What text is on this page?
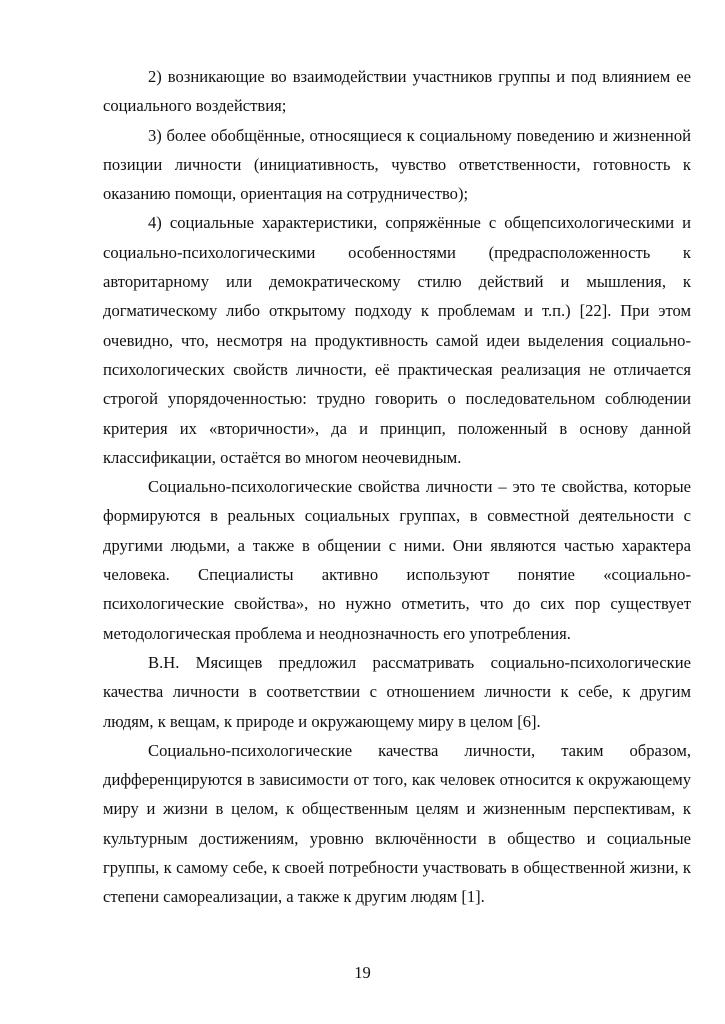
2) возникающие во взаимодействии участников группы и под влиянием ее социального воздействия;

3) более обобщённые, относящиеся к социальному поведению и жизненной позиции личности (инициативность, чувство ответственности, готовность к оказанию помощи, ориентация на сотрудничество);

4) социальные характеристики, сопряжённые с общепсихологическими и социально-психологическими особенностями (предрасположенность к авторитарному или демократическому стилю действий и мышления, к догматическому либо открытому подходу к проблемам и т.п.) [22]. При этом очевидно, что, несмотря на продуктивность самой идеи выделения социально-психологических свойств личности, её практическая реализация не отличается строгой упорядоченностью: трудно говорить о последовательном соблюдении критерия их «вторичности», да и принцип, положенный в основу данной классификации, остаётся во многом неочевидным.

Социально-психологические свойства личности – это те свойства, которые формируются в реальных социальных группах, в совместной деятельности с другими людьми, а также в общении с ними. Они являются частью характера человека. Специалисты активно используют понятие «социально-психологические свойства», но нужно отметить, что до сих пор существует методологическая проблема и неоднозначность его употребления.

В.Н. Мясищев предложил рассматривать социально-психологические качества личности в соответствии с отношением личности к себе, к другим людям, к вещам, к природе и окружающему миру в целом [6].

Социально-психологические качества личности, таким образом, дифференцируются в зависимости от того, как человек относится к окружающему миру и жизни в целом, к общественным целям и жизненным перспективам, к культурным достижениям, уровню включённости в общество и социальные группы, к самому себе, к своей потребности участвовать в общественной жизни, к степени самореализации, а также к другим людям [1].

19
